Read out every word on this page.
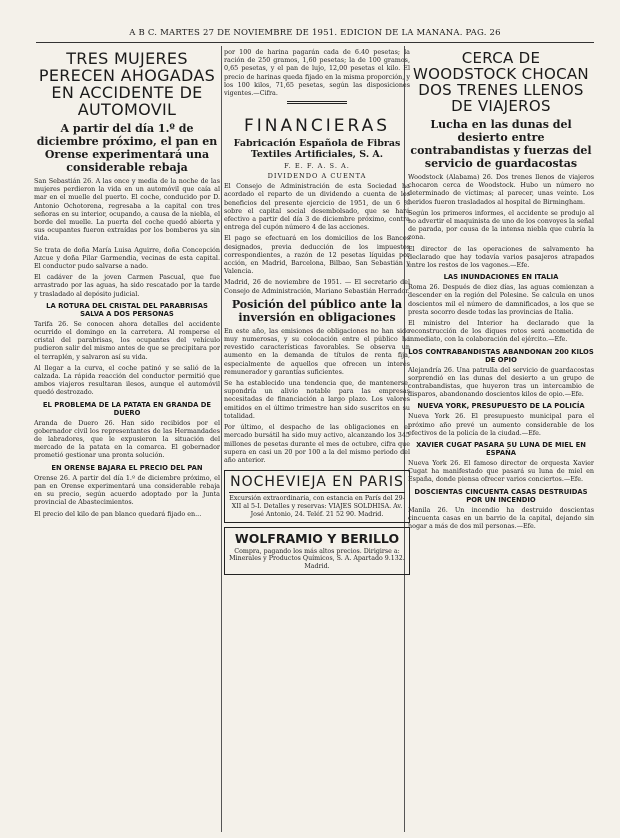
A B C. MARTES 27 DE NOVIEMBRE DE 1951. EDICION DE LA MAÑANA. PAG. 26
TRES MUJERES PERECEN AHOGADAS EN ACCIDENTE DE AUTOMOVIL
A partir del día 1.º de diciembre próximo, el pan en Orense experimentará una considerable rebaja

San Sebastián 26. A las once y media de la noche de las mujeres perdieron la vida en un automóvil que caía al mar en el muelle del puerto. El coche, conducido por D. Antonio Ochotorena, regresaba a la capital con tres señoras en su interior, ocupando, a causa de la niebla, el borde del muelle. La puerta del coche quedó abierta y sus ocupantes fueron extraídas por los bomberos ya sin vida.

Se trata de doña María Luisa Aguirre, doña Concepción Azcue y doña Pilar Garmendia, vecinas de esta capital. El conductor pudo salvarse a nado.

El cadáver de la joven Carmen Pascual, que fue arrastrado por las aguas, ha sido rescatado por la tarde y trasladado al depósito judicial.

LA ROTURA DEL CRISTAL DEL PARABRISAS SALVA A DOS PERSONAS

Tarifa 26. Se conocen ahora detalles del accidente ocurrido el domingo en la carretera. Al romperse el cristal del parabrisas, los ocupantes del vehículo pudieron salir del mismo antes de que se precipitara por el terraplén, y salvaron así su vida.

Al llegar a la curva, el coche patinó y se salió de la calzada. La rápida reacción del conductor permitió que ambos viajeros resultaran ilesos, aunque el automóvil quedó destrozado.

EL PROBLEMA DE LA PATATA EN GRANDA DE DUERO

Aranda de Duero 26. Han sido recibidos por el gobernador civil los representantes de las Hermandades de labradores, que le expusieron la situación del mercado de la patata en la comarca. El gobernador prometió gestionar una pronta solución.

EN ORENSE BAJARA EL PRECIO DEL PAN

Orense 26. A partir del día 1.º de diciembre próximo, el pan en Orense experimentará una considerable rebaja en su precio, según acuerdo adoptado por la Junta provincial de Abastecimientos.

El precio del kilo de pan blanco quedará fijado en...

por 100 de harina pagarán cada de 6.40 pesetas; la ración de 250 gramos, 1,60 pesetas; la de 100 gramos, 0,65 pesetas, y el pan de lujo, 12,00 pesetas el kilo. El precio de harinas queda fijado en la misma proporción, y los 100 kilos, 71,65 pesetas, según las disposiciones vigentes.—Cifra.

FINANCIERAS
Fabricación Española de Fibras Textiles Artificiales, S. A.
F. E. F. A. S. A.
DIVIDENDO A CUENTA

El Consejo de Administración de esta Sociedad ha acordado el reparto de un dividendo a cuenta de los beneficios del presente ejercicio de 1951, de un 6 % sobre el capital social desembolsado, que se hará efectivo a partir del día 3 de diciembre próximo, contra entrega del cupón número 4 de las acciones.

El pago se efectuará en los domicilios de los Bancos designados, previa deducción de los impuestos correspondientes, a razón de 12 pesetas líquidas por acción, en Madrid, Barcelona, Bilbao, San Sebastián y Valencia.

Madrid, 26 de noviembre de 1951. — El secretario del Consejo de Administración, Mariano Sebastián Herrador.

Posición del público ante la inversión en obligaciones

En este año, las emisiones de obligaciones no han sido muy numerosas, y su colocación entre el público ha revestido características favorables. Se observa un aumento en la demanda de títulos de renta fija, especialmente de aquellos que ofrecen un interés remunerador y garantías suficientes.

Se ha establecido una tendencia que, de mantenerse, supondría un alivio notable para las empresas necesitadas de financiación a largo plazo. Los valores emitidos en el último trimestre han sido suscritos en su totalidad.

Por último, el despacho de las obligaciones en el mercado bursátil ha sido muy activo, alcanzando los 345 millones de pesetas durante el mes de octubre, cifra que supera en casi un 20 por 100 a la del mismo periodo del año anterior.

NOCHEVIEJA EN PARIS
Excursión extraordinaria, con estancia en París del 29-XII al 5-I. Detalles y reservas: VIAJES SOLDHISA. Av. José Antonio, 24. Teléf. 21 52 90. Madrid.
WOLFRAMIO Y BERILLO
Compra, pagando los más altos precios. Dirigirse a: Minerales y Productos Químicos, S. A. Apartado 9.132. Madrid.
CERCA DE WOODSTOCK CHOCAN DOS TRENES LLENOS DE VIAJEROS
Lucha en las dunas del desierto entre contrabandistas y fuerzas del servicio de guardacostas

Woodstock (Alabama) 26. Dos trenes llenos de viajeros chocaron cerca de Woodstock. Hubo un número no determinado de víctimas; al parecer, unas veinte. Los heridos fueron trasladados al hospital de Birmingham.

Según los primeros informes, el accidente se produjo al no advertir el maquinista de uno de los convoyes la señal de parada, por causa de la intensa niebla que cubría la zona.

El director de las operaciones de salvamento ha declarado que hay todavía varios pasajeros atrapados entre los restos de los vagones.—Efe.

LAS INUNDACIONES EN ITALIA

Roma 26. Después de diez días, las aguas comienzan a descender en la región del Polesine. Se calcula en unos doscientos mil el número de damnificados, a los que se presta socorro desde todas las provincias de Italia.

El ministro del Interior ha declarado que la reconstrucción de los diques rotos será acometida de inmediato, con la colaboración del ejército.—Efe.

LOS CONTRABANDISTAS ABANDONAN 200 KILOS DE OPIO

Alejandría 26. Una patrulla del servicio de guardacostas sorprendió en las dunas del desierto a un grupo de contrabandistas, que huyeron tras un intercambio de disparos, abandonando doscientos kilos de opio.—Efe.

NUEVA YORK, PRESUPUESTO DE LA POLICÍA

Nueva York 26. El presupuesto municipal para el próximo año prevé un aumento considerable de los efectivos de la policía de la ciudad.—Efe.

XAVIER CUGAT PASARA SU LUNA DE MIEL EN ESPAÑA

Nueva York 26. El famoso director de orquesta Xavier Cugat ha manifestado que pasará su luna de miel en España, donde piensa ofrecer varios conciertos.—Efe.

DOSCIENTAS CINCUENTA CASAS DESTRUIDAS POR UN INCENDIO

Manila 26. Un incendio ha destruido doscientas cincuenta casas en un barrio de la capital, dejando sin hogar a más de dos mil personas.—Efe.
